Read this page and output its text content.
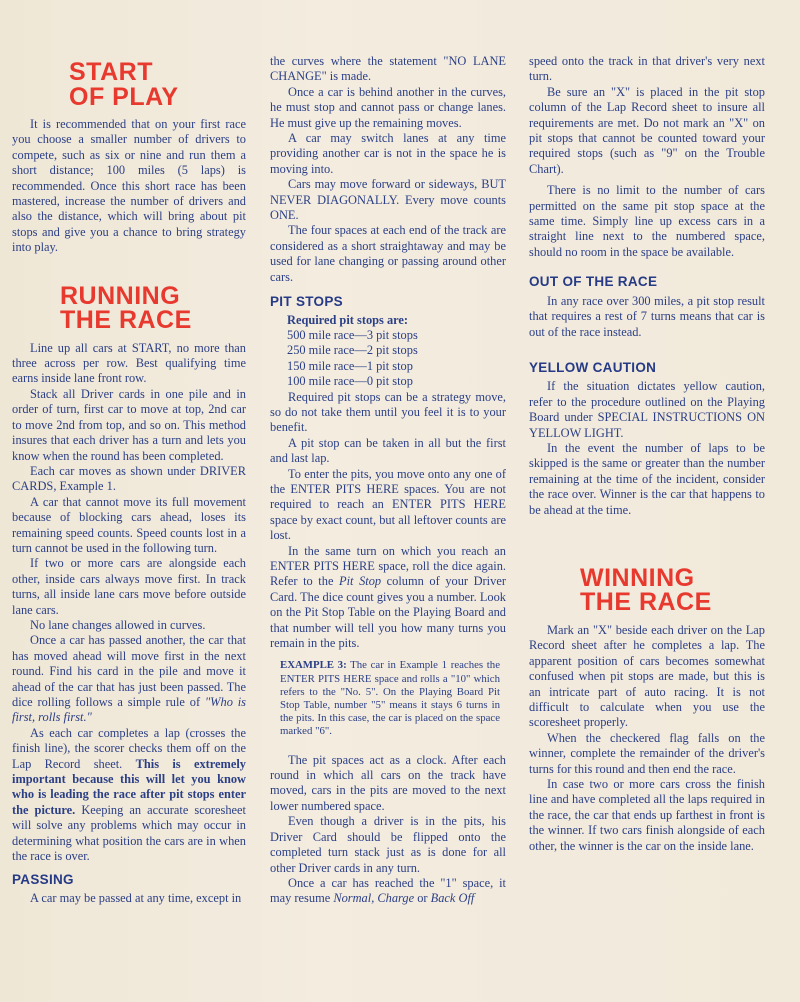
START
OF PLAY

It is recommended that on your first race you choose a smaller number of drivers to compete, such as six or nine and run them a short distance; 100 miles (5 laps) is recommended. Once this short race has been mastered, increase the number of drivers and also the distance, which will bring about pit stops and give you a chance to bring strategy into play.

RUNNING
THE RACE

Line up all cars at START, no more than three across per row. Best qualifying time earns inside lane front row.

Stack all Driver cards in one pile and in order of turn, first car to move at top, 2nd car to move 2nd from top, and so on. This method insures that each driver has a turn and lets you know when the round has been completed.

Each car moves as shown under DRIVER CARDS, Example 1.

A car that cannot move its full movement because of blocking cars ahead, loses its remaining speed counts. Speed counts lost in a turn cannot be used in the following turn.

If two or more cars are alongside each other, inside cars always move first. In track turns, all inside lane cars move before outside lane cars.

No lane changes allowed in curves.

Once a car has passed another, the car that has moved ahead will move first in the next round. Find his card in the pile and move it ahead of the car that has just been passed. The dice rolling follows a simple rule of "Who is first, rolls first."

As each car completes a lap (crosses the finish line), the scorer checks them off on the Lap Record sheet. This is extremely important because this will let you know who is leading the race after pit stops enter the picture. Keeping an accurate scoresheet will solve any problems which may occur in determining what position the cars are in when the race is over.

PASSING

A car may be passed at any time, except in

the curves where the statement "NO LANE CHANGE" is made.

Once a car is behind another in the curves, he must stop and cannot pass or change lanes. He must give up the remaining moves.

A car may switch lanes at any time providing another car is not in the space he is moving into.

Cars may move forward or sideways, BUT NEVER DIAGONALLY. Every move counts ONE.

The four spaces at each end of the track are considered as a short straightaway and may be used for lane changing or passing around other cars.

PIT STOPS
Required pit stops are:
500 mile race—3 pit stops
250 mile race—2 pit stops
150 mile race—1 pit stop
100 mile race—0 pit stop

Required pit stops can be a strategy move, so do not take them until you feel it is to your benefit.

A pit stop can be taken in all but the first and last lap.

To enter the pits, you move onto any one of the ENTER PITS HERE spaces. You are not required to reach an ENTER PITS HERE space by exact count, but all leftover counts are lost.

In the same turn on which you reach an ENTER PITS HERE space, roll the dice again. Refer to the Pit Stop column of your Driver Card. The dice count gives you a number. Look on the Pit Stop Table on the Playing Board and that number will tell you how many turns you remain in the pits.

EXAMPLE 3: The car in Example 1 reaches the ENTER PITS HERE space and rolls a "10" which refers to the "No. 5". On the Playing Board Pit Stop Table, number "5" means it stays 6 turns in the pits. In this case, the car is placed on the space marked "6".

The pit spaces act as a clock. After each round in which all cars on the track have moved, cars in the pits are moved to the next lower numbered space.

Even though a driver is in the pits, his Driver Card should be flipped onto the completed turn stack just as is done for all other Driver cards in any turn.

Once a car has reached the "1" space, it may resume Normal, Charge or Back Off

speed onto the track in that driver's very next turn.

Be sure an "X" is placed in the pit stop column of the Lap Record sheet to insure all requirements are met. Do not mark an "X" on pit stops that cannot be counted toward your required stops (such as "9" on the Trouble Chart).

There is no limit to the number of cars permitted on the same pit stop space at the same time. Simply line up excess cars in a straight line next to the numbered space, should no room in the space be available.

OUT OF THE RACE

In any race over 300 miles, a pit stop result that requires a rest of 7 turns means that car is out of the race instead.

YELLOW CAUTION

If the situation dictates yellow caution, refer to the procedure outlined on the Playing Board under SPECIAL INSTRUCTIONS ON YELLOW LIGHT.

In the event the number of laps to be skipped is the same or greater than the number remaining at the time of the incident, consider the race over. Winner is the car that happens to be ahead at the time.

WINNING
THE RACE

Mark an "X" beside each driver on the Lap Record sheet after he completes a lap. The apparent position of cars becomes somewhat confused when pit stops are made, but this is an intricate part of auto racing. It is not difficult to calculate when you use the scoresheet properly.

When the checkered flag falls on the winner, complete the remainder of the driver's turns for this round and then end the race.

In case two or more cars cross the finish line and have completed all the laps required in the race, the car that ends up farthest in front is the winner. If two cars finish alongside of each other, the winner is the car on the inside lane.
